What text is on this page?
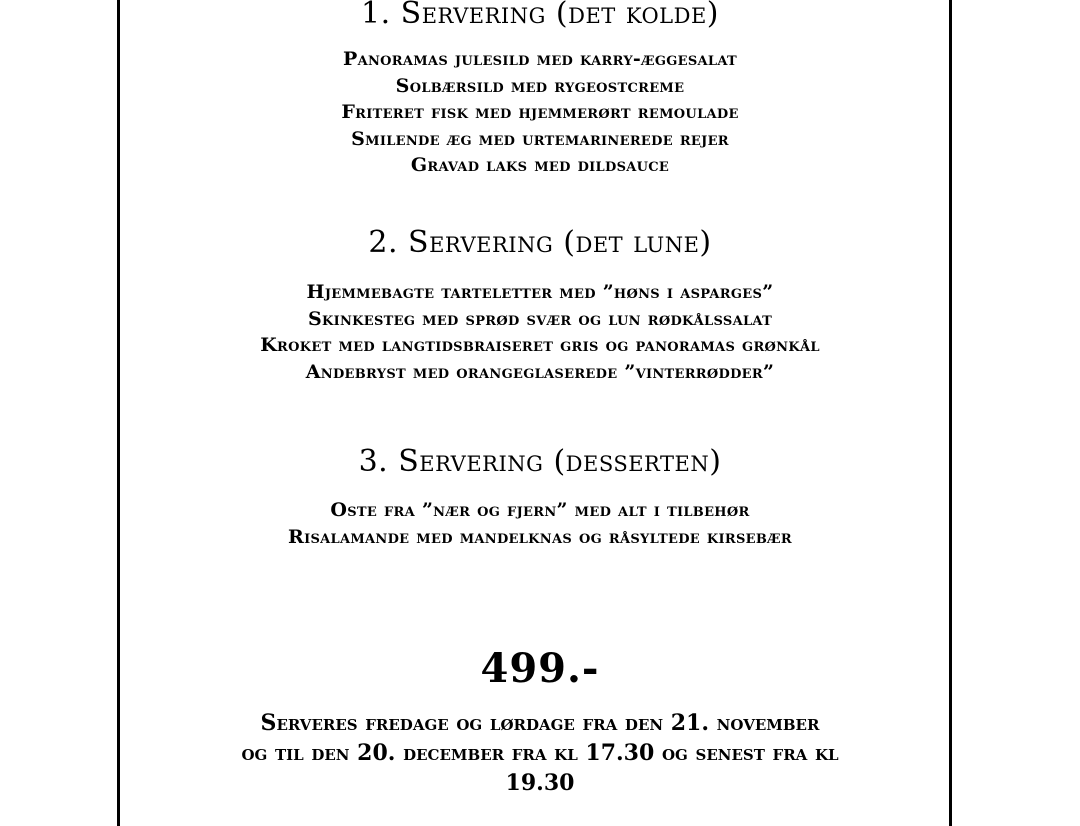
1. Servering (det kolde)
Panoramas julesild med karry-æggesalat
Solbærsild med rygeostcreme
Friteret fisk med hjemmerørt remoulade
Smilende æg med urtemarinerede rejer
Gravad laks med dildsauce
2. Servering (det lune)
Hjemmebagte tarteletter med ”høns i asparges”
Skinkesteg med sprød svær og lun rødkålssalat
Kroket med langtidsbraiseret gris og panoramas grønkål
Andebryst med orangeglaserede ”vinterrødder”
3. Servering (desserten)
Oste fra ”nær og fjern” med alt i tilbehør
Risalamande med mandelknas og råsyltede kirsebær
499.-
Serveres fredage og lørdage fra den 21. november
og til den 20. december fra kl 17.30 og senest fra kl
19.30
